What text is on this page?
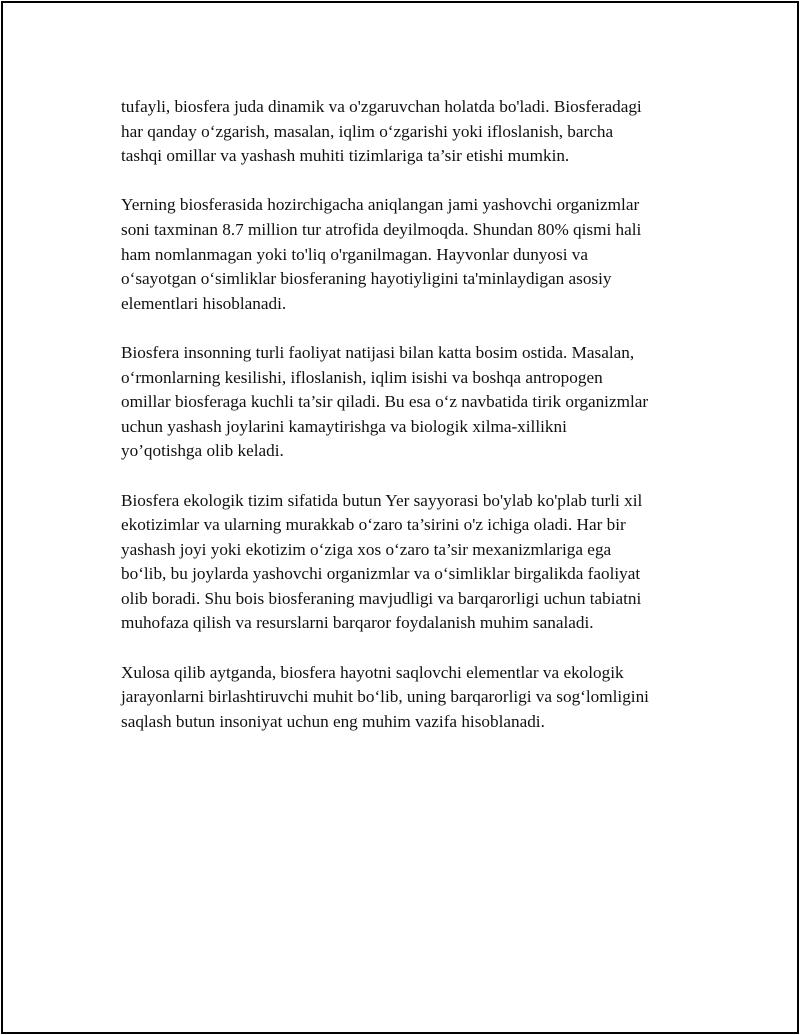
tufayli, biosfera juda dinamik va o'zgaruvchan holatda bo'ladi. Biosferadagi
har qanday o‘zgarish, masalan, iqlim o‘zgarishi yoki ifloslanish, barcha
tashqi omillar va yashash muhiti tizimlariga ta’sir etishi mumkin.

Yerning biosferasida hozirchigacha aniqlangan jami yashovchi organizmlar
soni taxminan 8.7 million tur atrofida deyilmoqda. Shundan 80% qismi hali
ham nomlanmagan yoki to'liq o'rganilmagan. Hayvonlar dunyosi va
o‘sayotgan o‘simliklar biosferaning hayotiyligini ta'minlaydigan asosiy
elementlari hisoblanadi.

Biosfera insonning turli faoliyat natijasi bilan katta bosim ostida. Masalan,
o‘rmonlarning kesilishi, ifloslanish, iqlim isishi va boshqa antropogen
omillar biosferaga kuchli ta’sir qiladi. Bu esa o‘z navbatida tirik organizmlar
uchun yashash joylarini kamaytirishga va biologik xilma-xillikni
yo’qotishga olib keladi.

Biosfera ekologik tizim sifatida butun Yer sayyorasi bo'ylab ko'plab turli xil
ekotizimlar va ularning murakkab o‘zaro ta’sirini o'z ichiga oladi. Har bir
yashash joyi yoki ekotizim o‘ziga xos o‘zaro ta’sir mexanizmlariga ega
bo‘lib, bu joylarda yashovchi organizmlar va o‘simliklar birgalikda faoliyat
olib boradi. Shu bois biosferaning mavjudligi va barqarorligi uchun tabiatni
muhofaza qilish va resurslarni barqaror foydalanish muhim sanaladi.

Xulosa qilib aytganda, biosfera hayotni saqlovchi elementlar va ekologik
jarayonlarni birlashtiruvchi muhit bo‘lib, uning barqarorligi va sog‘lomligini
saqlash butun insoniyat uchun eng muhim vazifa hisoblanadi.
